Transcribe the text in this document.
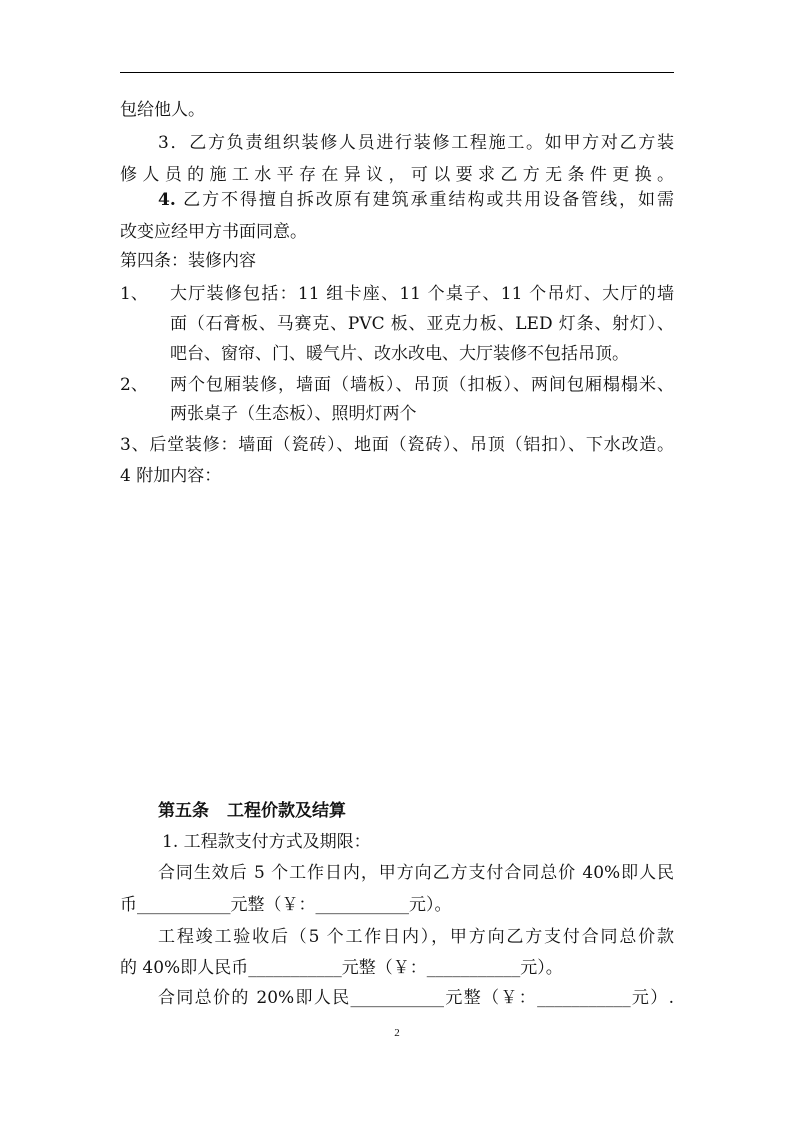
包给他人。
3．乙方负责组织装修人员进行装修工程施工。如甲方对乙方装
修人员的施工水平存在异议，可以要求乙方无条件更换。
4. 乙方不得擅自拆改原有建筑承重结构或共用设备管线，如需
改变应经甲方书面同意。
第四条：装修内容
1、 大厅装修包括：11 组卡座、11 个桌子、11 个吊灯、大厅的墙
面（石膏板、马赛克、PVC 板、亚克力板、LED 灯条、射灯）、
吧台、窗帘、门、暖气片、改水改电、大厅装修不包括吊顶。
2、 两个包厢装修，墙面（墙板）、吊顶（扣板）、两间包厢榻榻米、
两张桌子（生态板）、照明灯两个
3、后堂装修：墙面（瓷砖）、地面（瓷砖）、吊顶（铝扣）、下水改造。
4 附加内容：
第五条 工程价款及结算
1. 工程款支付方式及期限：
合同生效后 5 个工作日内，甲方向乙方支付合同总价 40%即人民
币___________元整（￥：___________元）。
工程竣工验收后（5 个工作日内），甲方向乙方支付合同总价款
的 40%即人民币___________元整（￥：___________元）。
合同总价的 20%即人民___________元整（￥：___________元）.
2
